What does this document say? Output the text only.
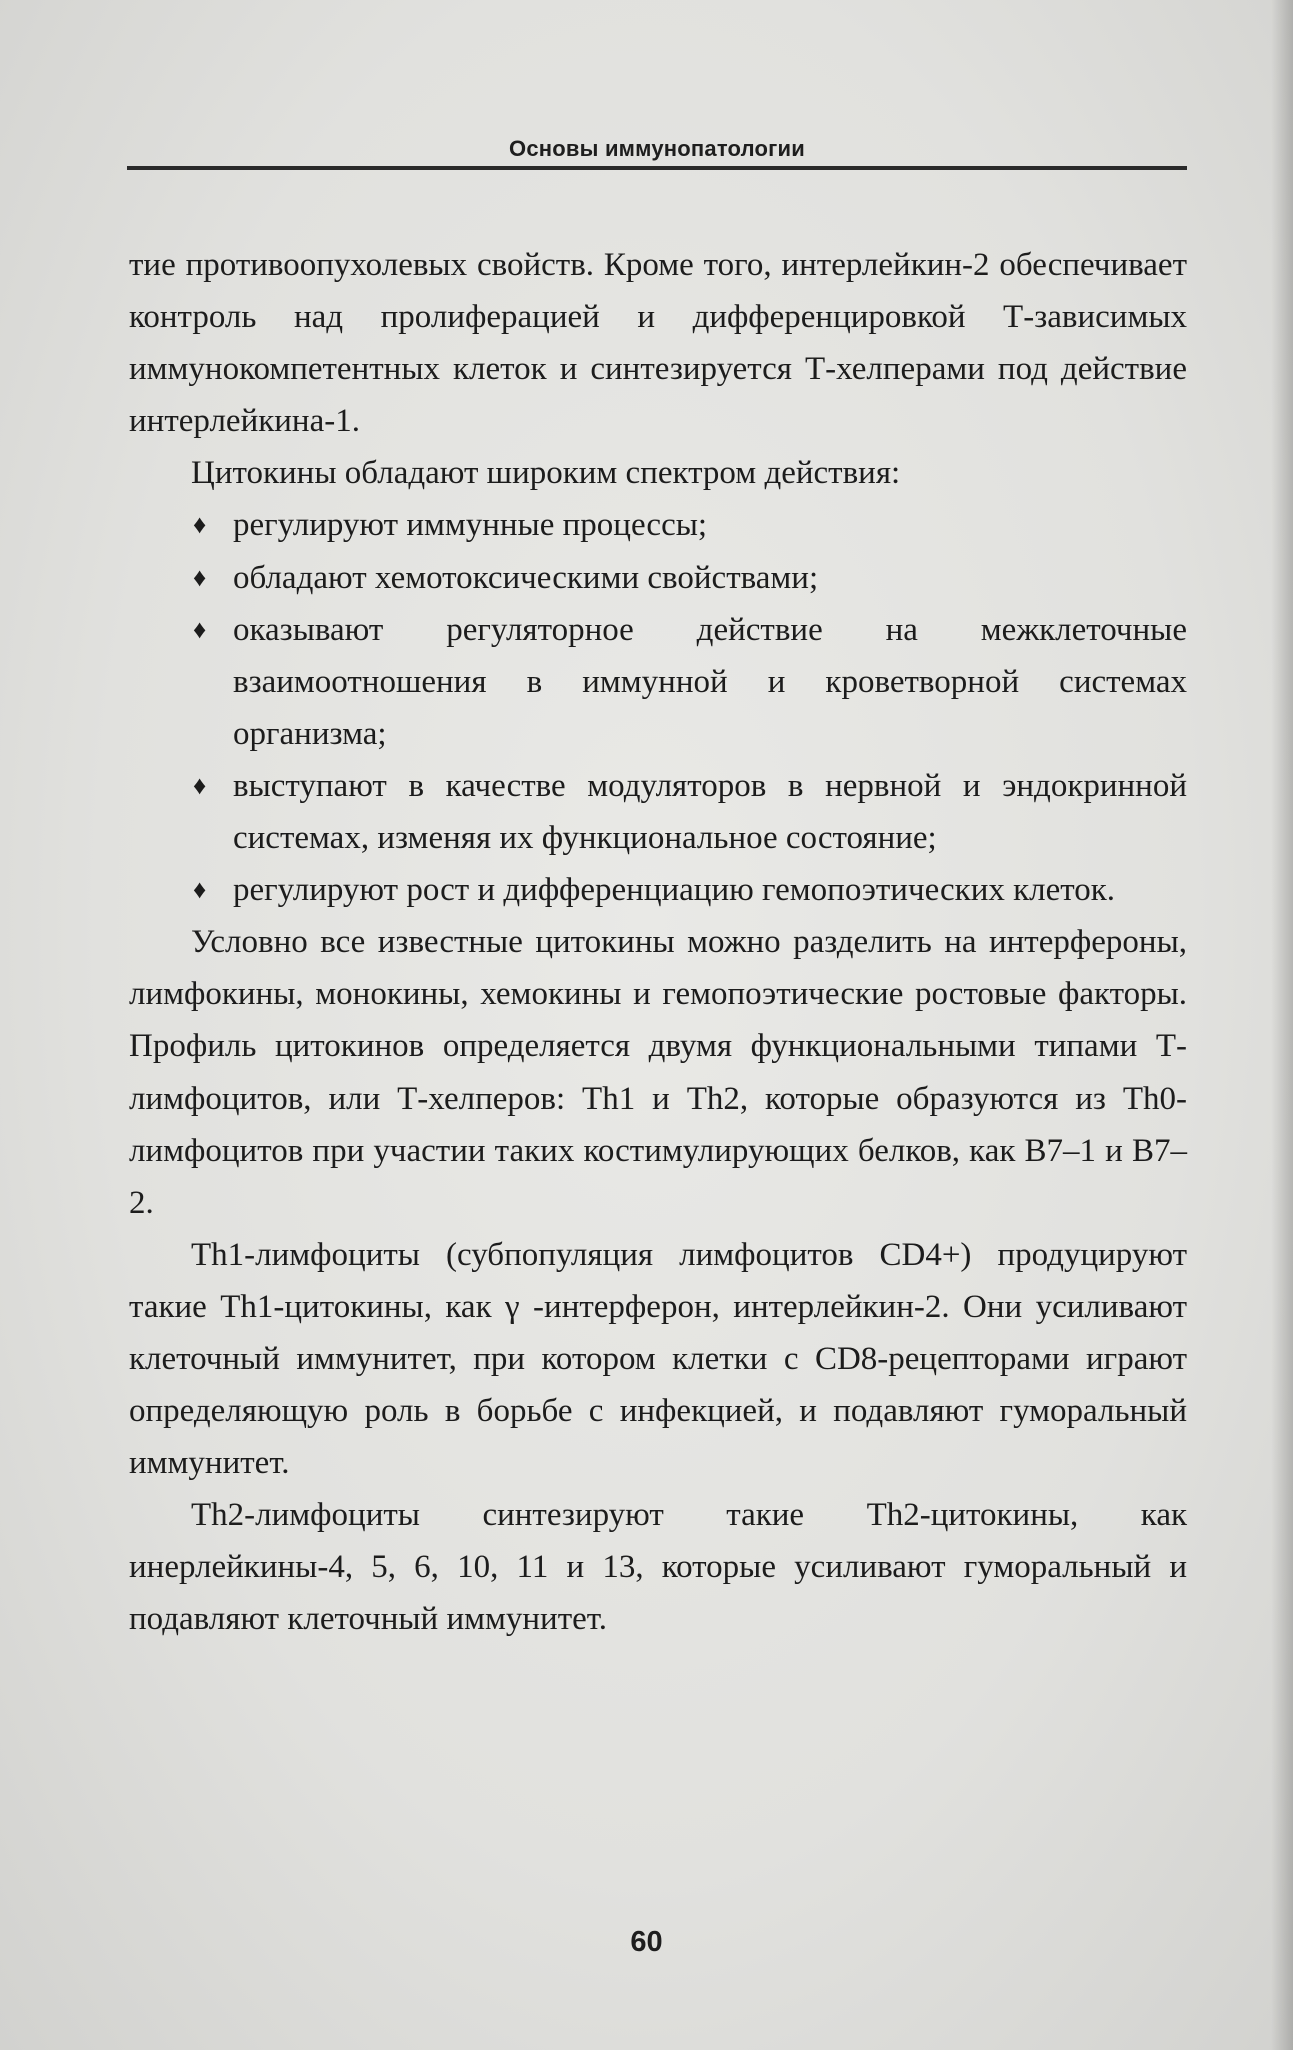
Основы иммунопатологии

тие противоопухолевых свойств. Кроме того, интерлейкин-2 обеспечивает контроль над пролиферацией и дифференцировкой Т-зависимых иммунокомпетентных клеток и синтезируется Т-хелперами под действие интерлейкина-1.

Цитокины обладают широким спектром действия:

♦ регулируют иммунные процессы;
♦ обладают хемотоксическими свойствами;
♦ оказывают регуляторное действие на межклеточные взаимоотношения в иммунной и кроветворной системах организма;
♦ выступают в качестве модуляторов в нервной и эндокринной системах, изменяя их функциональное состояние;
♦ регулируют рост и дифференциацию гемопоэтических клеток.

Условно все известные цитокины можно разделить на интерфероны, лимфокины, монокины, хемокины и гемопоэтические ростовые факторы. Профиль цитокинов определяется двумя функциональными типами Т-лимфоцитов, или Т-хелперов: Th1 и Th2, которые образуются из Th0-лимфоцитов при участии таких костимулирующих белков, как В7–1 и В7–2.

Th1-лимфоциты (субпопуляция лимфоцитов CD4+) продуцируют такие Th1-цитокины, как γ -интерферон, интерлейкин-2. Они усиливают клеточный иммунитет, при котором клетки с CD8-рецепторами играют определяющую роль в борьбе с инфекцией, и подавляют гуморальный иммунитет.

Th2-лимфоциты синтезируют такие Th2-цитокины, как инерлейкины-4, 5, 6, 10, 11 и 13, которые усиливают гуморальный и подавляют клеточный иммунитет.

60
